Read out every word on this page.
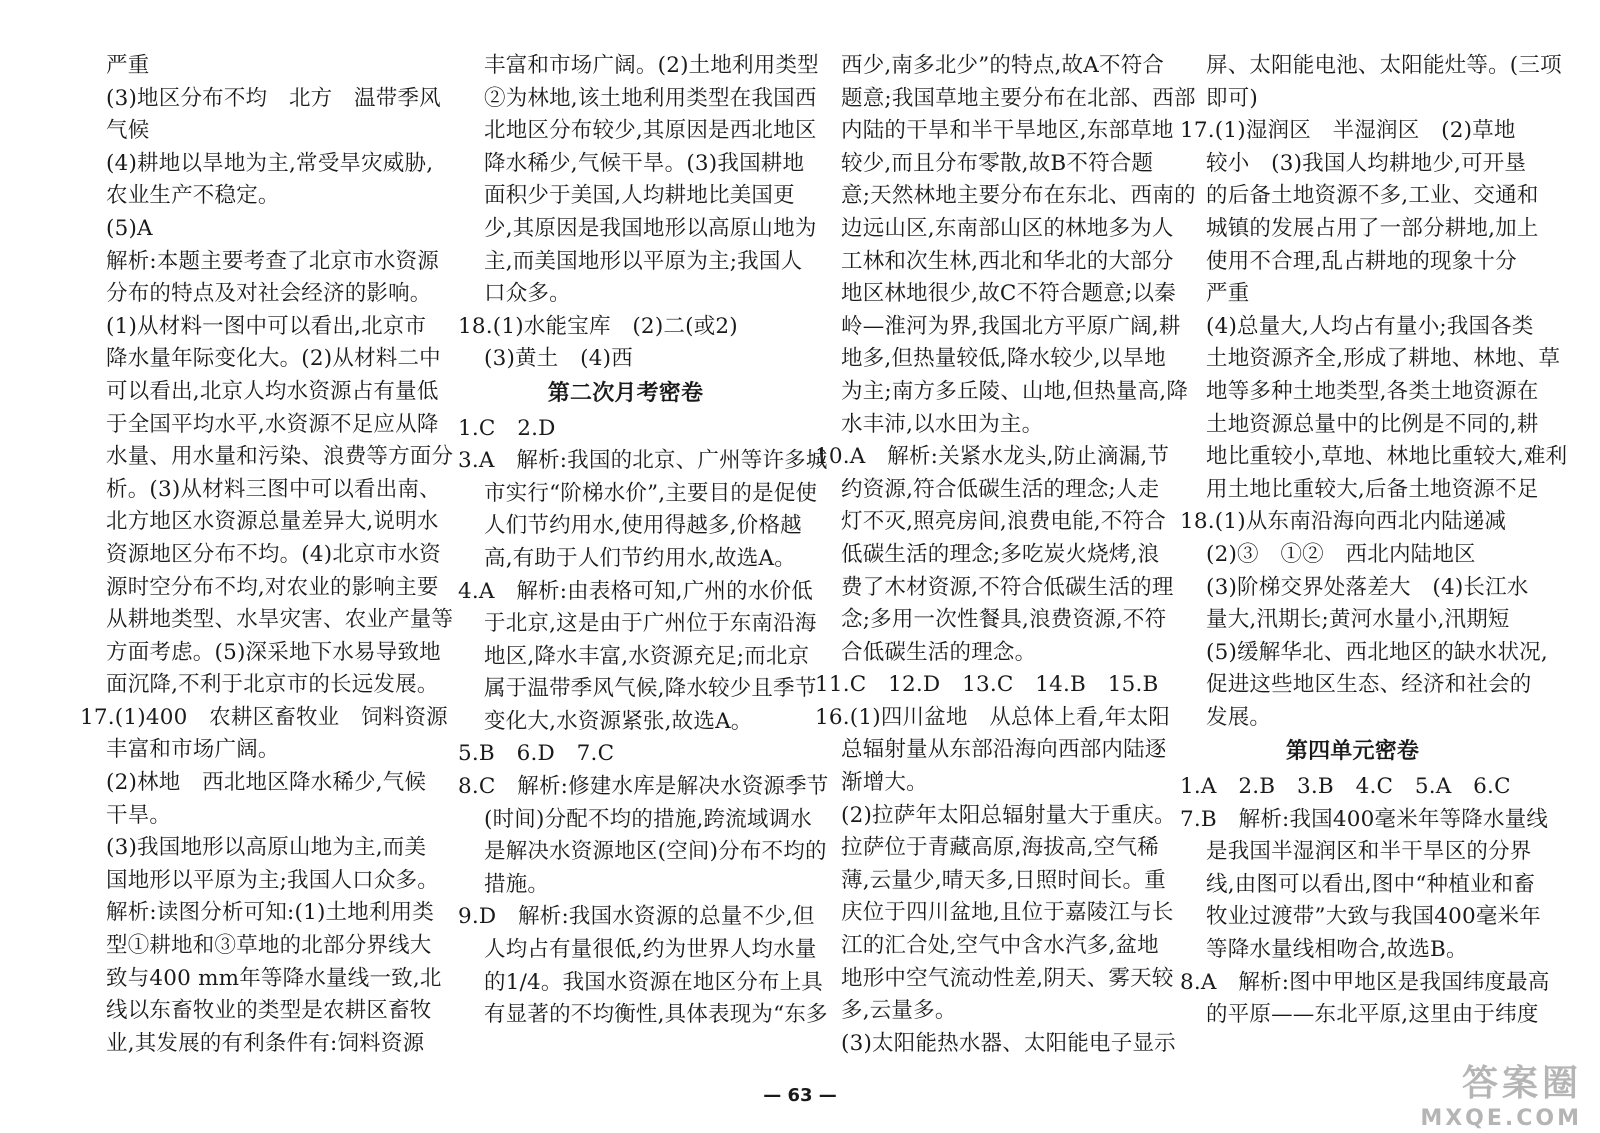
严重

(3)地区分布不均　北方　温带季风

气候

(4)耕地以旱地为主,常受旱灾威胁,

农业生产不稳定。

(5)A

解析:本题主要考查了北京市水资源

分布的特点及对社会经济的影响。

(1)从材料一图中可以看出,北京市

降水量年际变化大。(2)从材料二中

可以看出,北京人均水资源占有量低

于全国平均水平,水资源不足应从降

水量、用水量和污染、浪费等方面分

析。(3)从材料三图中可以看出南、

北方地区水资源总量差异大,说明水

资源地区分布不均。(4)北京市水资

源时空分布不均,对农业的影响主要

从耕地类型、水旱灾害、农业产量等

方面考虑。(5)深采地下水易导致地

面沉降,不利于北京市的长远发展。

17.(1)400　农耕区畜牧业　饲料资源

丰富和市场广阔。

(2)林地　西北地区降水稀少,气候

干旱。

(3)我国地形以高原山地为主,而美

国地形以平原为主;我国人口众多。

解析:读图分析可知:(1)土地利用类

型①耕地和③草地的北部分界线大

致与400 mm年等降水量线一致,北

线以东畜牧业的类型是农耕区畜牧

业,其发展的有利条件有:饲料资源

丰富和市场广阔。(2)土地利用类型

②为林地,该土地利用类型在我国西

北地区分布较少,其原因是西北地区

降水稀少,气候干旱。(3)我国耕地

面积少于美国,人均耕地比美国更

少,其原因是我国地形以高原山地为

主,而美国地形以平原为主;我国人

口众多。

18.(1)水能宝库　(2)二(或2)

(3)黄土　(4)西

第二次月考密卷

1.C　2.D

3.A　解析:我国的北京、广州等许多城

市实行“阶梯水价”,主要目的是促使

人们节约用水,使用得越多,价格越

高,有助于人们节约用水,故选A。

4.A　解析:由表格可知,广州的水价低

于北京,这是由于广州位于东南沿海

地区,降水丰富,水资源充足;而北京

属于温带季风气候,降水较少且季节

变化大,水资源紧张,故选A。

5.B　6.D　7.C

8.C　解析:修建水库是解决水资源季节

(时间)分配不均的措施,跨流域调水

是解决水资源地区(空间)分布不均的

措施。

9.D　解析:我国水资源的总量不少,但

人均占有量很低,约为世界人均水量

的1/4。我国水资源在地区分布上具

有显著的不均衡性,具体表现为“东多

西少,南多北少”的特点,故A不符合

题意;我国草地主要分布在北部、西部

内陆的干旱和半干旱地区,东部草地

较少,而且分布零散,故B不符合题

意;天然林地主要分布在东北、西南的

边远山区,东南部山区的林地多为人

工林和次生林,西北和华北的大部分

地区林地很少,故C不符合题意;以秦

岭—淮河为界,我国北方平原广阔,耕

地多,但热量较低,降水较少,以旱地

为主;南方多丘陵、山地,但热量高,降

水丰沛,以水田为主。

10.A　解析:关紧水龙头,防止滴漏,节

约资源,符合低碳生活的理念;人走

灯不灭,照亮房间,浪费电能,不符合

低碳生活的理念;多吃炭火烧烤,浪

费了木材资源,不符合低碳生活的理

念;多用一次性餐具,浪费资源,不符

合低碳生活的理念。

11.C　12.D　13.C　14.B　15.B

16.(1)四川盆地　从总体上看,年太阳

总辐射量从东部沿海向西部内陆逐

渐增大。

(2)拉萨年太阳总辐射量大于重庆。

拉萨位于青藏高原,海拔高,空气稀

薄,云量少,晴天多,日照时间长。重

庆位于四川盆地,且位于嘉陵江与长

江的汇合处,空气中含水汽多,盆地

地形中空气流动性差,阴天、雾天较

多,云量多。

(3)太阳能热水器、太阳能电子显示

屏、太阳能电池、太阳能灶等。(三项

即可)

17.(1)湿润区　半湿润区　(2)草地

较小　(3)我国人均耕地少,可开垦

的后备土地资源不多,工业、交通和

城镇的发展占用了一部分耕地,加上

使用不合理,乱占耕地的现象十分

严重

(4)总量大,人均占有量小;我国各类

土地资源齐全,形成了耕地、林地、草

地等多种土地类型,各类土地资源在

土地资源总量中的比例是不同的,耕

地比重较小,草地、林地比重较大,难利

用土地比重较大,后备土地资源不足

18.(1)从东南沿海向西北内陆递减

(2)③　①②　西北内陆地区

(3)阶梯交界处落差大　(4)长江水

量大,汛期长;黄河水量小,汛期短

(5)缓解华北、西北地区的缺水状况,

促进这些地区生态、经济和社会的

发展。

第四单元密卷

1.A　2.B　3.B　4.C　5.A　6.C

7.B　解析:我国400毫米年等降水量线

是我国半湿润区和半干旱区的分界

线,由图可以看出,图中“种植业和畜

牧业过渡带”大致与我国400毫米年

等降水量线相吻合,故选B。

8.A　解析:图中甲地区是我国纬度最高

的平原——东北平原,这里由于纬度

— 63 —	答案圈
MXQE.COM
